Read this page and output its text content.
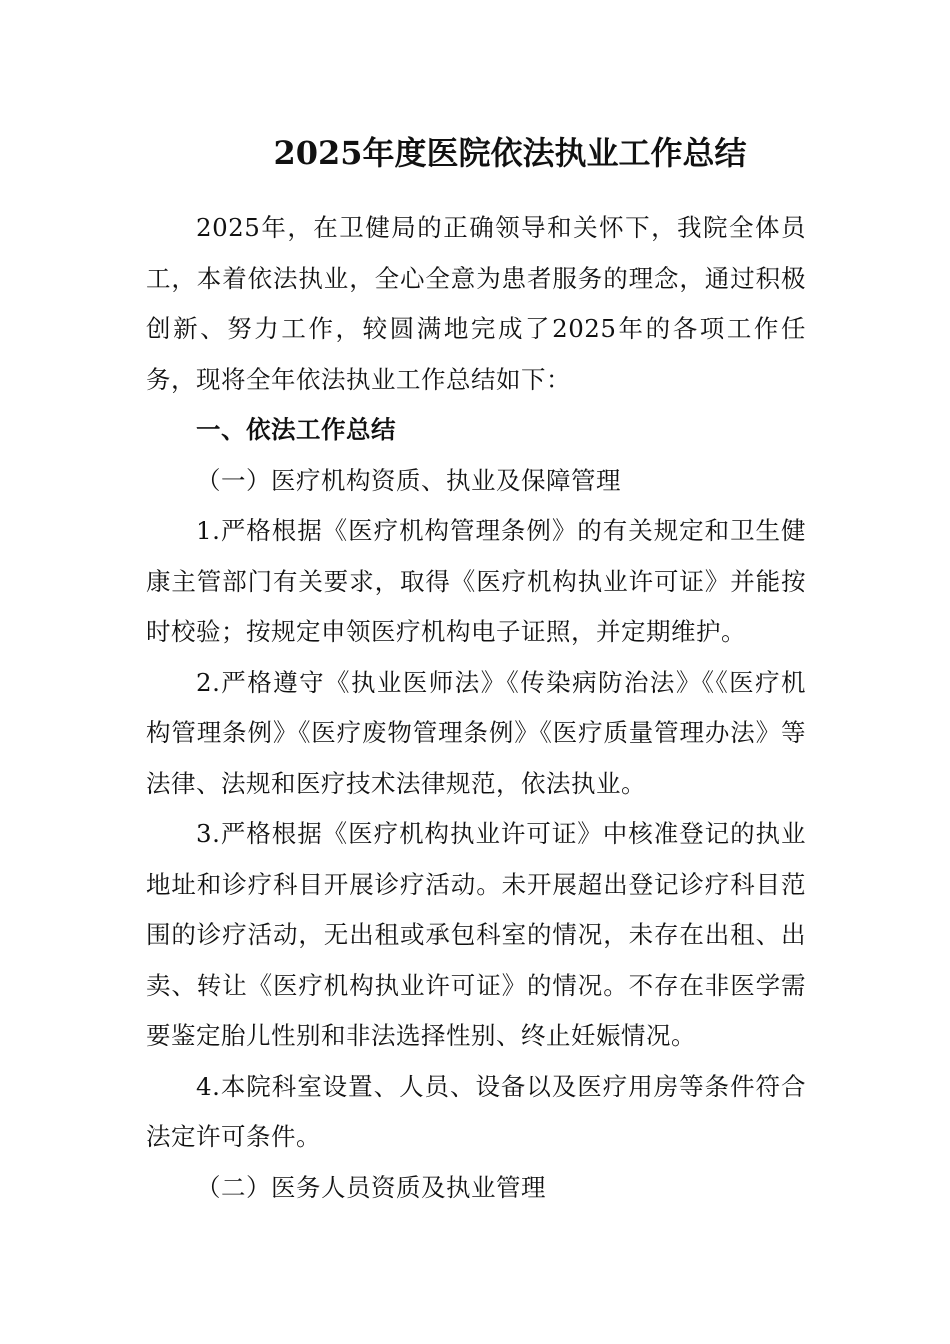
2025年度医院依法执业工作总结

2025年，在卫健局的正确领导和关怀下，我院全体员工，本着依法执业，全心全意为患者服务的理念，通过积极创新、努力工作，较圆满地完成了2025年的各项工作任务，现将全年依法执业工作总结如下：

一、依法工作总结

（一）医疗机构资质、执业及保障管理

1.严格根据《医疗机构管理条例》的有关规定和卫生健康主管部门有关要求，取得《医疗机构执业许可证》并能按时校验；按规定申领医疗机构电子证照，并定期维护。

2.严格遵守《执业医师法》《传染病防治法》《《医疗机构管理条例》《医疗废物管理条例》《医疗质量管理办法》等法律、法规和医疗技术法律规范，依法执业。

3.严格根据《医疗机构执业许可证》中核准登记的执业地址和诊疗科目开展诊疗活动。未开展超出登记诊疗科目范围的诊疗活动，无出租或承包科室的情况，未存在出租、出卖、转让《医疗机构执业许可证》的情况。不存在非医学需要鉴定胎儿性别和非法选择性别、终止妊娠情况。

4.本院科室设置、人员、设备以及医疗用房等条件符合法定许可条件。

（二）医务人员资质及执业管理
